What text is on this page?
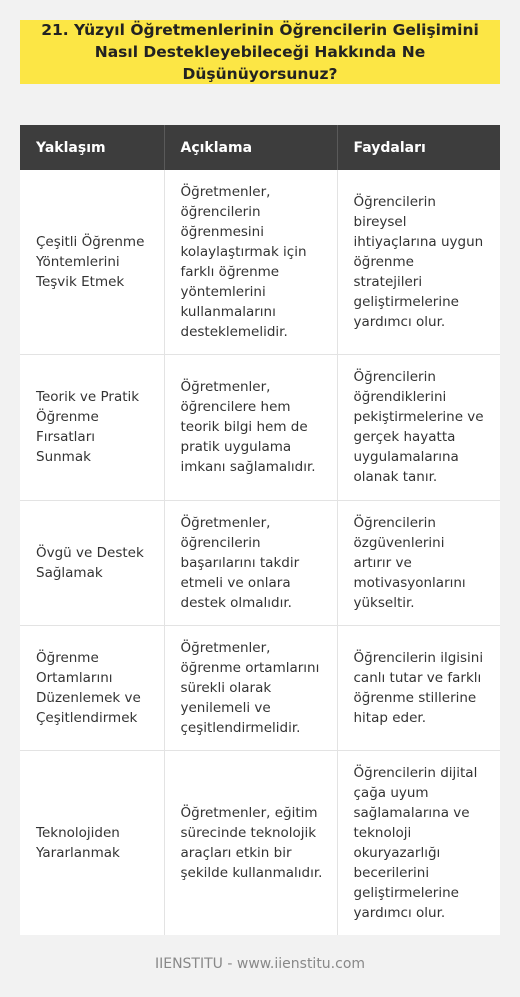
21. Yüzyıl Öğretmenlerinin Öğrencilerin Gelişimini Nasıl Destekleyebileceği Hakkında Ne Düşünüyorsunuz?
Yaklaşım	Açıklama	Faydaları
Çeşitli Öğrenme Yöntemlerini Teşvik Etmek	Öğretmenler, öğrencilerin öğrenmesini kolaylaştırmak için farklı öğrenme yöntemlerini kullanmalarını desteklemelidir.	Öğrencilerin bireysel ihtiyaçlarına uygun öğrenme stratejileri geliştirmelerine yardımcı olur.
Teorik ve Pratik Öğrenme Fırsatları Sunmak	Öğretmenler, öğrencilere hem teorik bilgi hem de pratik uygulama imkanı sağlamalıdır.	Öğrencilerin öğrendiklerini pekiştirmelerine ve gerçek hayatta uygulamalarına olanak tanır.
Övgü ve Destek Sağlamak	Öğretmenler, öğrencilerin başarılarını takdir etmeli ve onlara destek olmalıdır.	Öğrencilerin özgüvenlerini artırır ve motivasyonlarını yükseltir.
Öğrenme Ortamlarını Düzenlemek ve Çeşitlendirmek	Öğretmenler, öğrenme ortamlarını sürekli olarak yenilemeli ve çeşitlendirmelidir.	Öğrencilerin ilgisini canlı tutar ve farklı öğrenme stillerine hitap eder.
Teknolojiden Yararlanmak	Öğretmenler, eğitim sürecinde teknolojik araçları etkin bir şekilde kullanmalıdır.	Öğrencilerin dijital çağa uyum sağlamalarına ve teknoloji okuryazarlığı becerilerini geliştirmelerine yardımcı olur.
IIENSTITU - www.iienstitu.com
